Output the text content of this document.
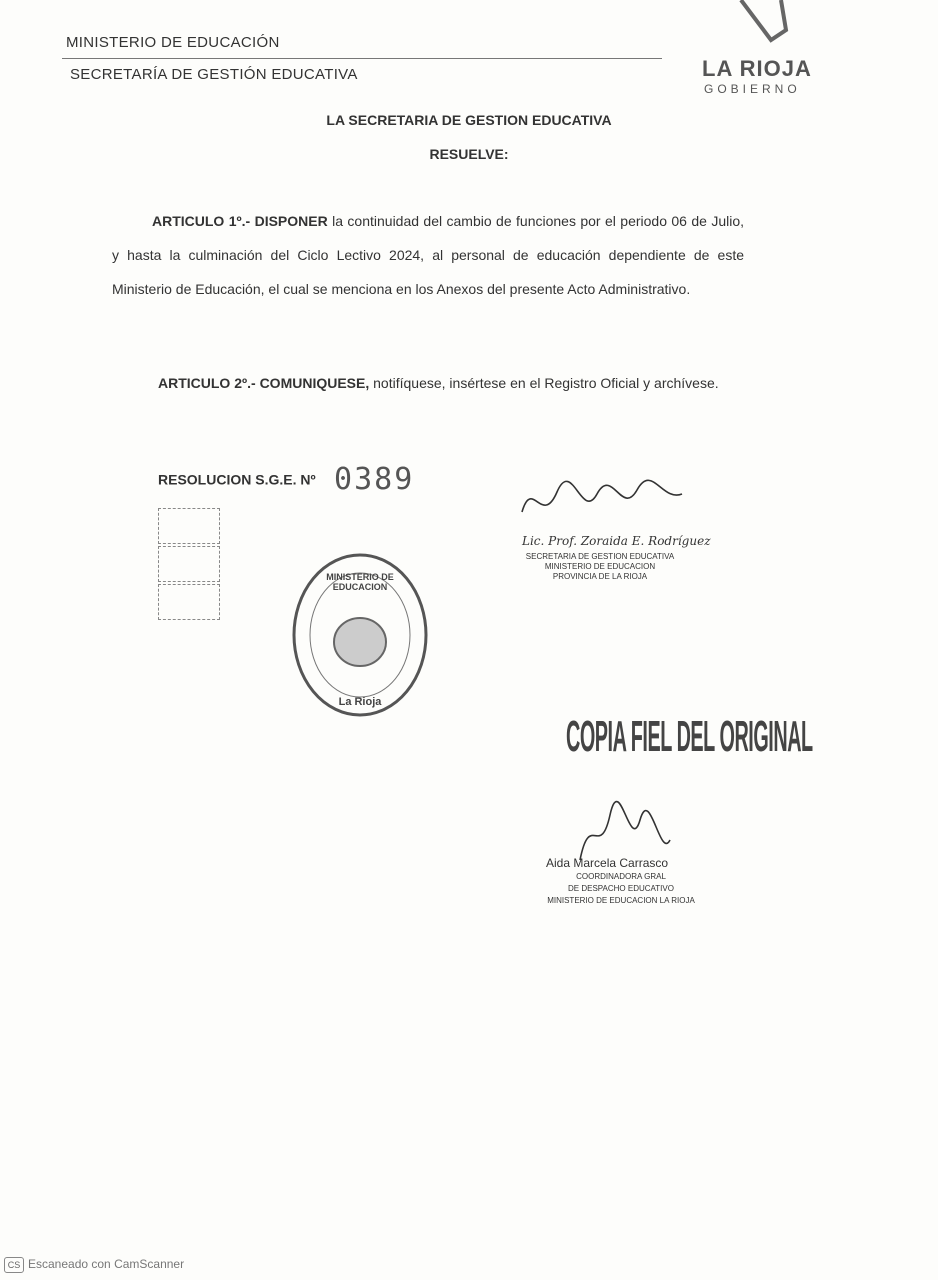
MINISTERIO DE EDUCACIÓN
SECRETARÍA DE GESTIÓN EDUCATIVA	LA RIOJA
GOBIERNO
LA SECRETARIA DE GESTION EDUCATIVA
RESUELVE:
ARTICULO 1º.- DISPONER la continuidad del cambio de funciones por el periodo 06 de Julio, y hasta la culminación del Ciclo Lectivo 2024, al personal de educación dependiente de este Ministerio de Educación, el cual se menciona en los Anexos del presente Acto Administrativo.
ARTICULO 2º.- COMUNIQUESE, notifíquese, insértese en el Registro Oficial y archívese.
RESOLUCION S.G.E. Nº 0389
MINISTERIO DE EDUCACION
La Rioja
Lic. Prof. Zoraida E. Rodríguez
SECRETARIA DE GESTION EDUCATIVA
MINISTERIO DE EDUCACION
PROVINCIA DE LA RIOJA
COPIA FIEL DEL ORIGINAL
Aida Marcela Carrasco
COORDINADORA GRAL
DE DESPACHO EDUCATIVO
MINISTERIO DE EDUCACION LA RIOJA
CS Escaneado con CamScanner
